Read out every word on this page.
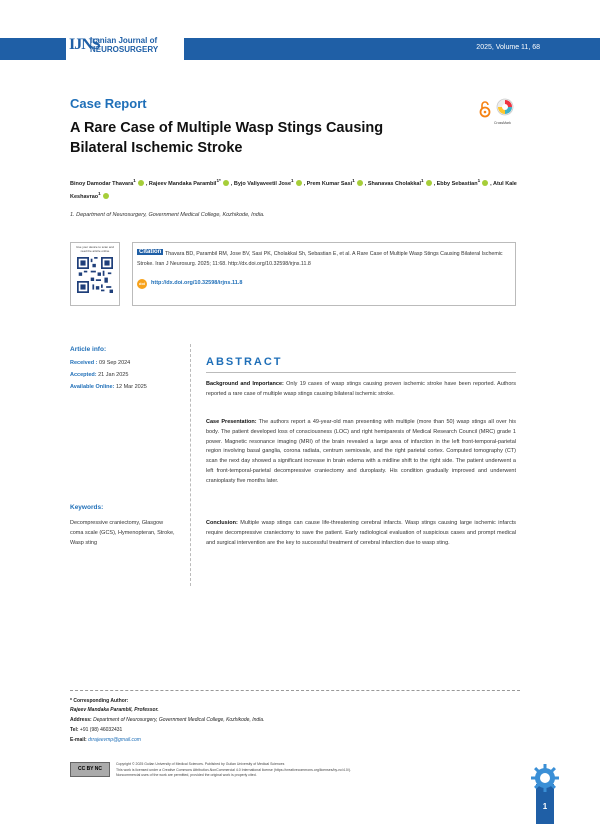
IJNS
Iranian Journal of
NEUROSURGERY	2025, Volume 11, 68
Case Report
A Rare Case of Multiple Wasp Stings Causing Bilateral Ischemic Stroke
CrossMark
Binoy Damodar Thavara$^1$, Rajeev Mandaka Parambil$^{1*}$, Byjo Valiyaveetil Jose$^1$, Prem Kumar Sasi$^1$, Shanavas Cholakkal$^1$, Ebby Sebastian$^1$, Atul Kale Keshavrao$^1$
1. Department of Neurosurgery, Government Medical College, Kozhikode, India.
Use your device to scan and read the article online	Thavara BD, Parambil RM, Jose BV, Sasi PK, Cholakkal Sh, Sebastian E, et al. A Rare Case of Multiple Wasp Stings Causing Bilateral Ischemic Stroke. Iran J Neurosurg. 2025; 11:68. http://dx.doi.org/10.32598/irjns.11.8
Citation
doi	http://dx.doi.org/10.32598/irjns.11.8
Article info:
Received : 09 Sep 2024
Accepted: 21 Jan 2025
Available Online: 12 Mar 2025
Keywords:
Decompressive craniectomy, Glasgow coma scale (GCS), Hymenopteran, Stroke, Wasp sting
ABSTRACT
Background and Importance: Only 19 cases of wasp stings causing proven ischemic stroke have been reported. Authors reported a rare case of multiple wasp stings causing bilateral ischemic stroke.
Case Presentation: The authors report a 49-year-old man presenting with multiple (more than 50) wasp stings all over his body. The patient developed loss of consciousness (LOC) and right hemiparesis of Medical Research Council (MRC) grade 1 power. Magnetic resonance imaging (MRI) of the brain revealed a large area of infarction in the left front-temporal-parietal region involving basal ganglia, corona radiata, centrum semiovale, and the right parietal cortex. Computed tomography (CT) scan the next day showed a significant increase in brain edema with a midline shift to the right side. The patient underwent a left front-temporal-parietal decompressive craniectomy and duroplasty. His condition gradually improved and underwent cranioplasty five months later.
Conclusion: Multiple wasp stings can cause life-threatening cerebral infarcts. Wasp stings causing large ischemic infarcts require decompressive craniectomy to save the patient. Early radiological evaluation of suspicious cases and prompt medical and surgical intervention are the key to successful treatment of cerebral infarction due to wasp sting.
* Corresponding Author:
Rajeev Mandaka Parambil, Professor.
Address: Department of Neurosurgery, Government Medical College, Kozhikode, India.
Tel: +91 (98) 46032431
E-mail: drrajeevmp@gmail.com
CC BY NC
Copyright © 2025 Guilan University of Medical Sciences. Published by Guilan University of Medical Sciences
This work is licensed under a Creative Commons Attribution-NonCommercial 4.0 International license (https://creativecommons.org/licenses/by-nc/4.0/).
Noncommercial uses of the work are permitted, provided the original work is properly cited.
1
